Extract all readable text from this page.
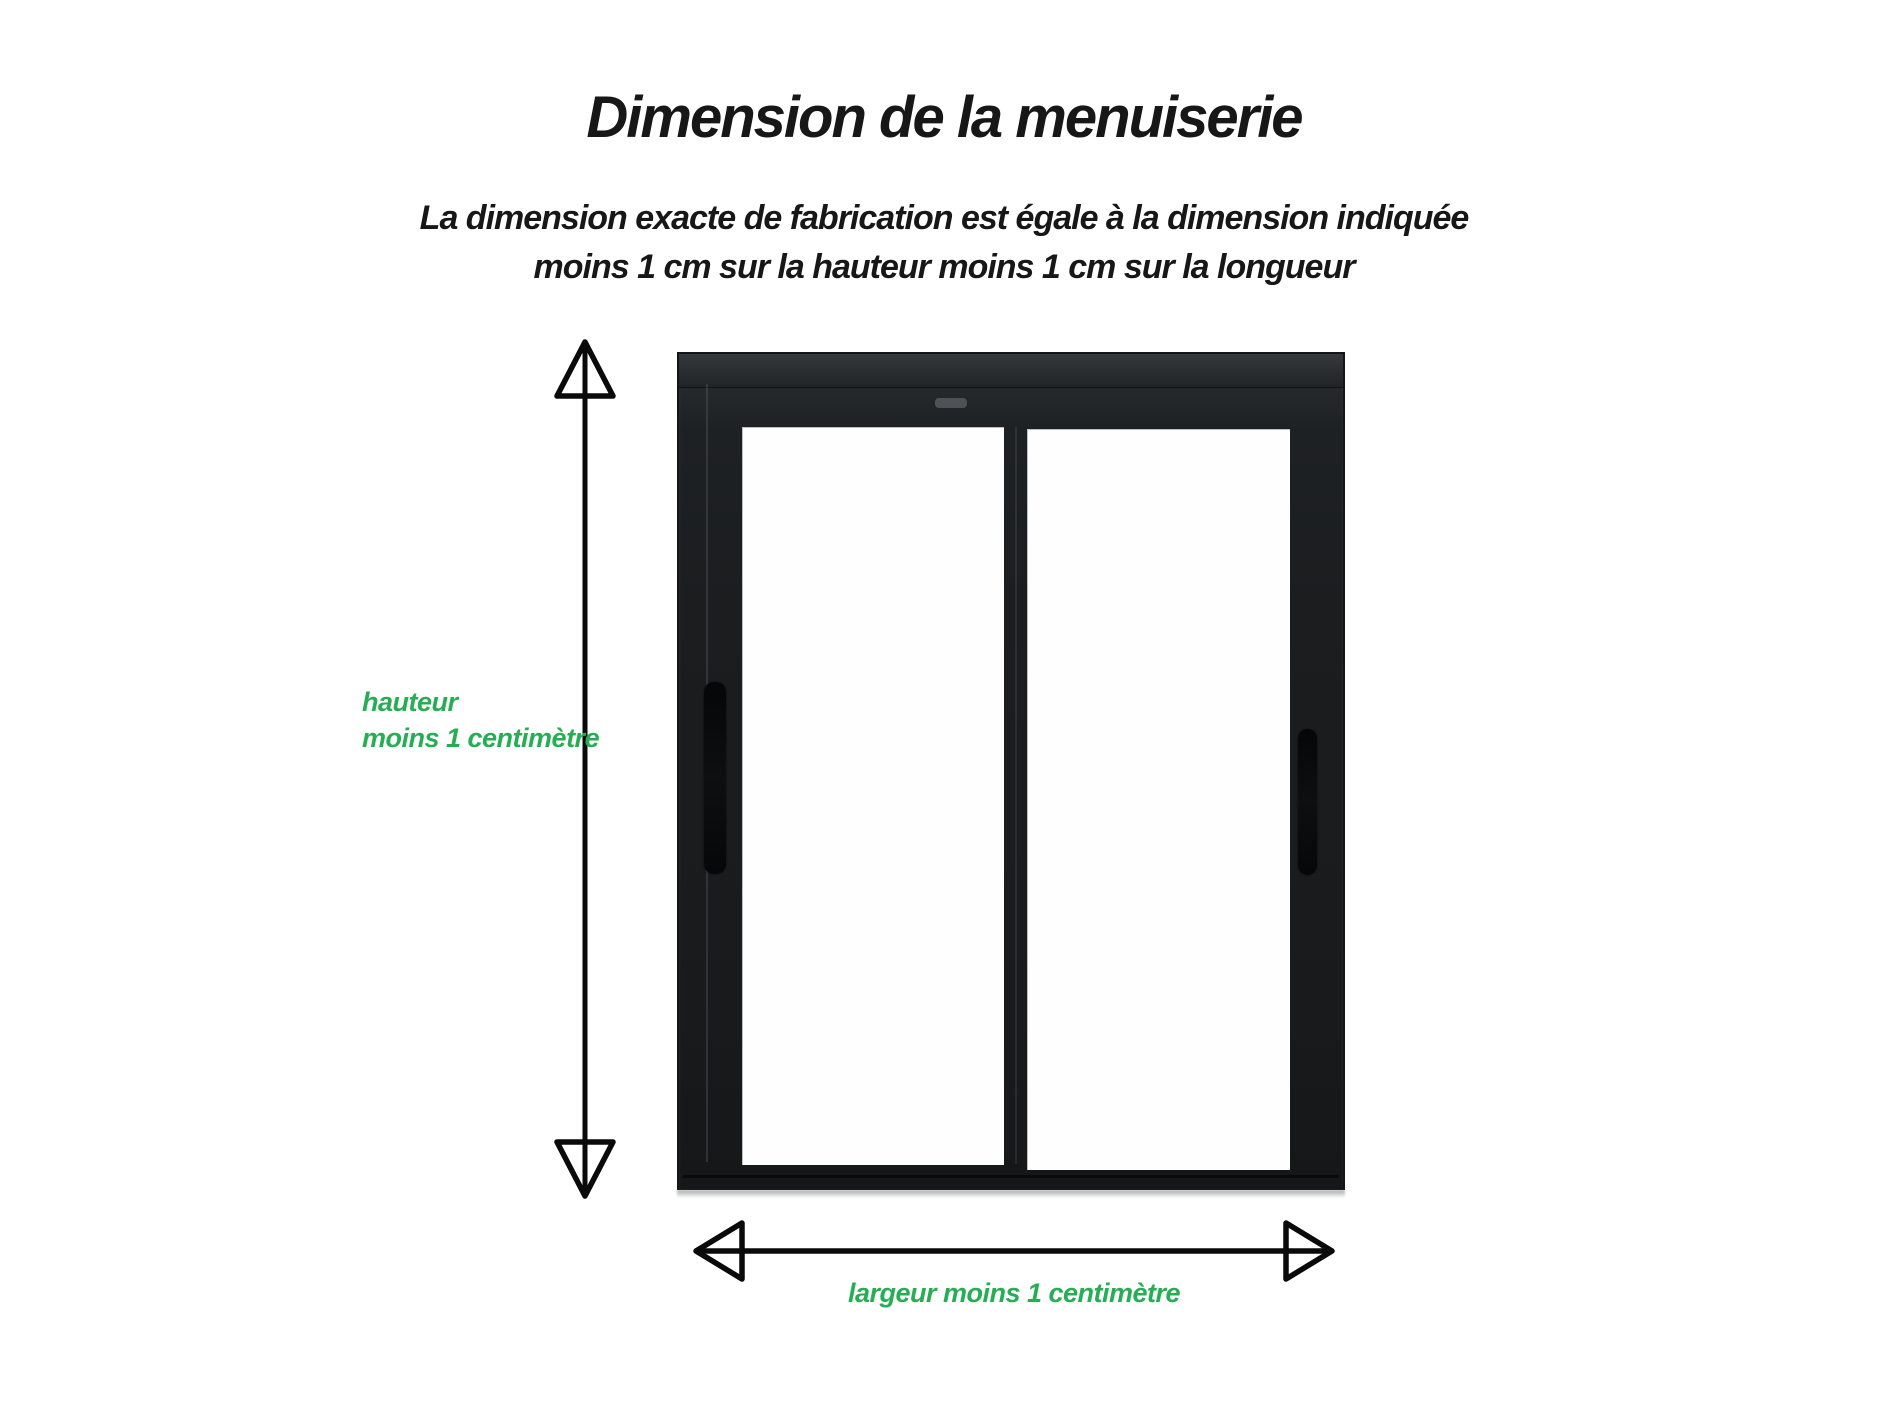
Dimension de la menuiserie
La dimension exacte de fabrication est égale à la dimension indiquée
moins 1 cm sur la hauteur moins 1 cm sur la longueur
hauteur
moins 1 centimètre
largeur moins 1 centimètre
